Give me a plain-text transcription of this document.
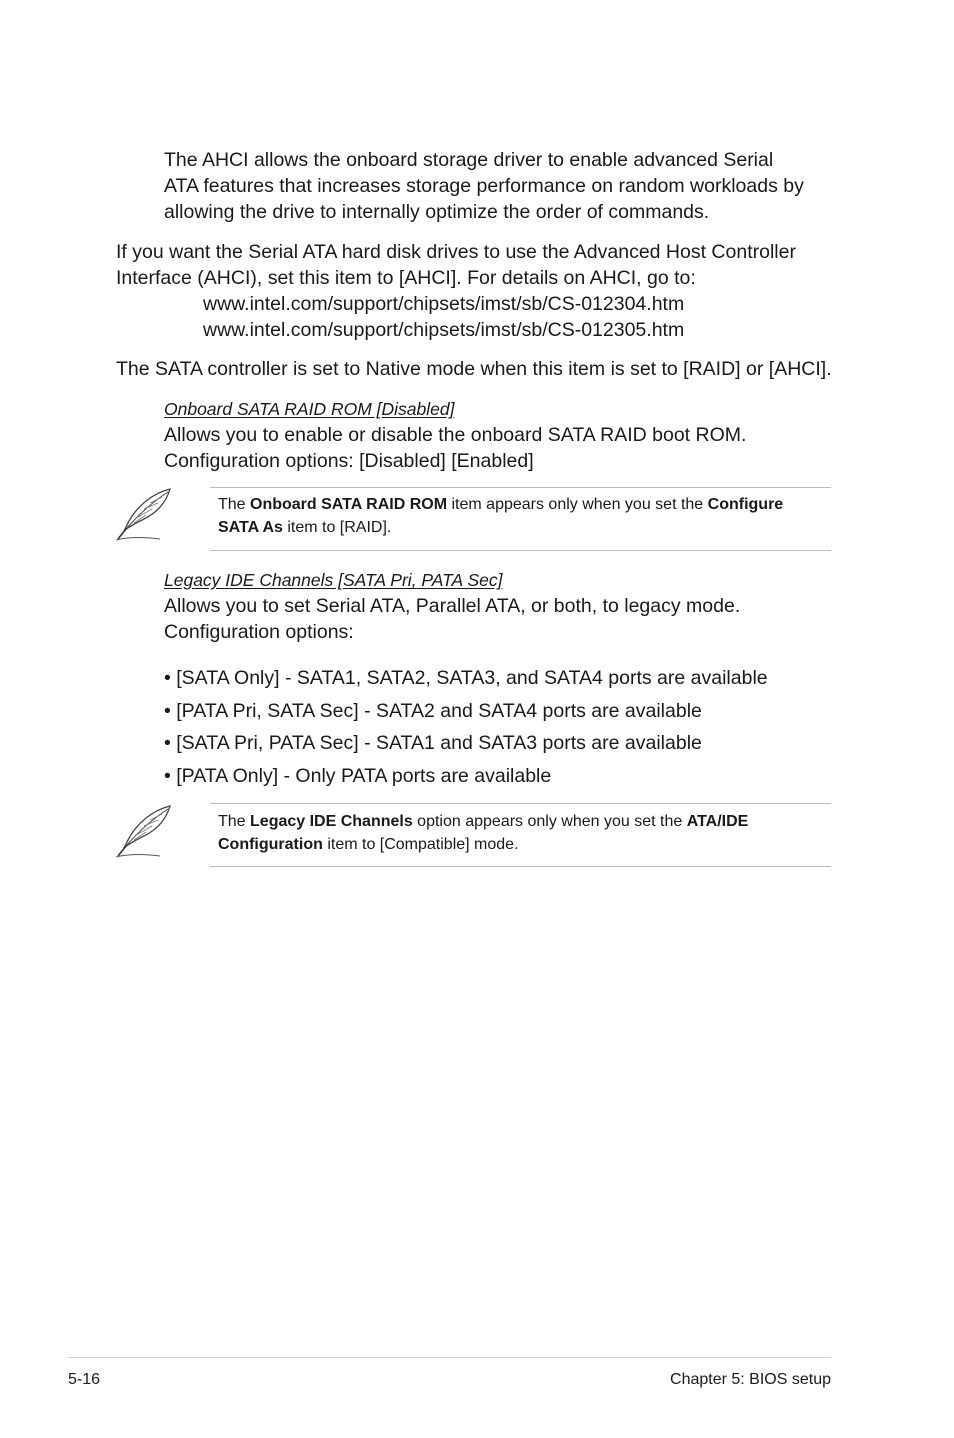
The AHCI allows the onboard storage driver to enable advanced Serial
ATA features that increases storage performance on random workloads by
allowing the drive to internally optimize the order of commands.
If you want the Serial ATA hard disk drives to use the Advanced Host Controller
Interface (AHCI), set this item to [AHCI]. For details on AHCI, go to:
www.intel.com/support/chipsets/imst/sb/CS-012304.htm
www.intel.com/support/chipsets/imst/sb/CS-012305.htm
The SATA controller is set to Native mode when this item is set to [RAID] or [AHCI].
Onboard SATA RAID ROM [Disabled]
Allows you to enable or disable the onboard SATA RAID boot ROM.
Configuration options: [Disabled] [Enabled]
The Onboard SATA RAID ROM item appears only when you set the Configure
SATA As item to [RAID].
Legacy IDE Channels [SATA Pri, PATA Sec]
Allows you to set Serial ATA, Parallel ATA, or both, to legacy mode.
Configuration options:
• [SATA Only] - SATA1, SATA2, SATA3, and SATA4 ports are available
• [PATA Pri, SATA Sec] - SATA2 and SATA4 ports are available
• [SATA Pri, PATA Sec] - SATA1 and SATA3 ports are available
• [PATA Only] - Only PATA ports are available
The Legacy IDE Channels option appears only when you set the ATA/IDE
Configuration item to [Compatible] mode.
5-16	Chapter 5: BIOS setup
